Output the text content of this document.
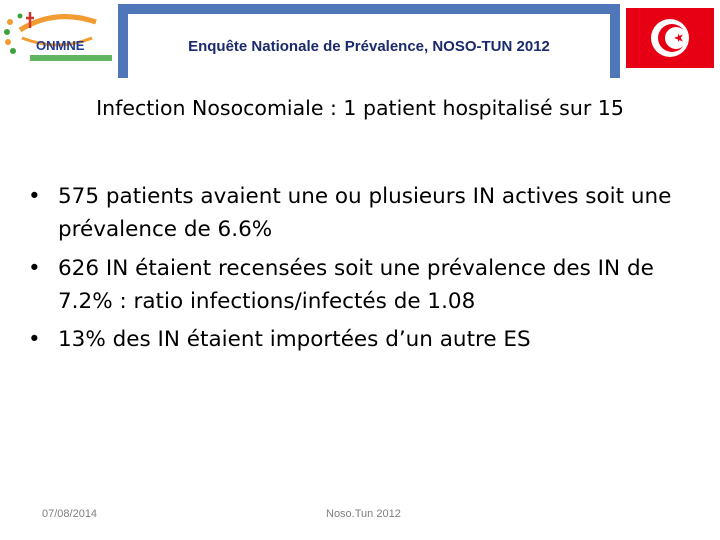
ONMNE	Enquête Nationale de Prévalence, NOSO-TUN 2012
Infection Nosocomiale : 1 patient hospitalisé sur 15
• 575 patients avaient une ou plusieurs IN actives soit une prévalence de 6.6%
• 626 IN étaient recensées soit une prévalence des IN de 7.2% : ratio infections/infectés de 1.08
• 13% des IN étaient importées d’un autre ES
07/08/2014	Noso.Tun 2012
